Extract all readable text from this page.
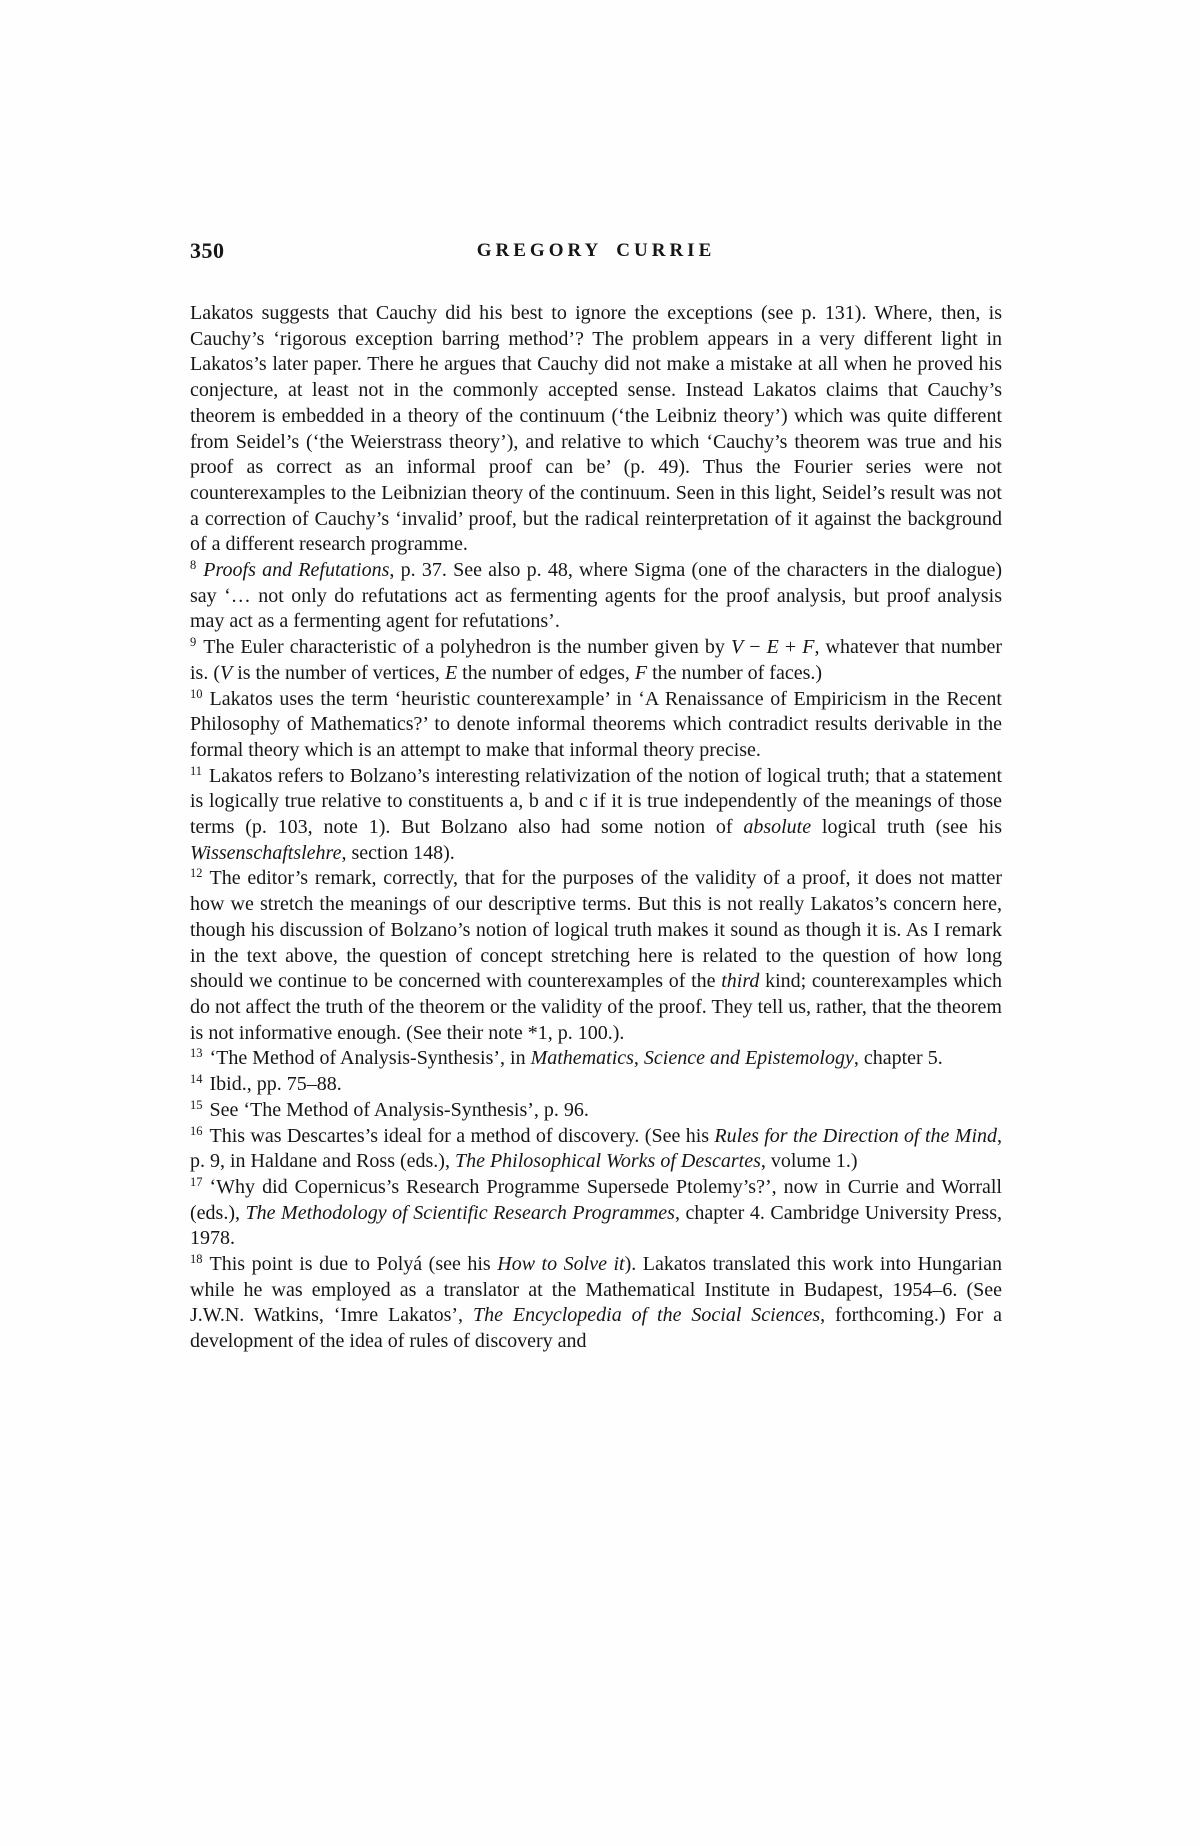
350	GREGORY CURRIE

Lakatos suggests that Cauchy did his best to ignore the exceptions (see p. 131). Where, then, is Cauchy’s ‘rigorous exception barring method’? The problem appears in a very different light in Lakatos’s later paper. There he argues that Cauchy did not make a mistake at all when he proved his conjecture, at least not in the commonly accepted sense. Instead Lakatos claims that Cauchy’s theorem is embedded in a theory of the continuum (‘the Leibniz theory’) which was quite different from Seidel’s (‘the Weierstrass theory’), and relative to which ‘Cauchy’s theorem was true and his proof as correct as an informal proof can be’ (p. 49). Thus the Fourier series were not counterexamples to the Leibnizian theory of the continuum. Seen in this light, Seidel’s result was not a correction of Cauchy’s ‘invalid’ proof, but the radical reinterpretation of it against the background of a different research programme.

$^8$ Proofs and Refutations, p. 37. See also p. 48, where Sigma (one of the characters in the dialogue) say ‘… not only do refutations act as fermenting agents for the proof analysis, but proof analysis may act as a fermenting agent for refutations’.

$^9$ The Euler characteristic of a polyhedron is the number given by V − E + F, whatever that number is. (V is the number of vertices, E the number of edges, F the number of faces.)

$^{10}$ Lakatos uses the term ‘heuristic counterexample’ in ‘A Renaissance of Empiricism in the Recent Philosophy of Mathematics?’ to denote informal theorems which contradict results derivable in the formal theory which is an attempt to make that informal theory precise.

$^{11}$ Lakatos refers to Bolzano’s interesting relativization of the notion of logical truth; that a statement is logically true relative to constituents a, b and c if it is true independently of the meanings of those terms (p. 103, note 1). But Bolzano also had some notion of absolute logical truth (see his Wissenschaftslehre, section 148).

$^{12}$ The editor’s remark, correctly, that for the purposes of the validity of a proof, it does not matter how we stretch the meanings of our descriptive terms. But this is not really Lakatos’s concern here, though his discussion of Bolzano’s notion of logical truth makes it sound as though it is. As I remark in the text above, the question of concept stretching here is related to the question of how long should we continue to be concerned with counterexamples of the third kind; counterexamples which do not affect the truth of the theorem or the validity of the proof. They tell us, rather, that the theorem is not informative enough. (See their note *1, p. 100.).

$^{13}$ ‘The Method of Analysis-Synthesis’, in Mathematics, Science and Epistemology, chapter 5.

$^{14}$ Ibid., pp. 75–88.

$^{15}$ See ‘The Method of Analysis-Synthesis’, p. 96.

$^{16}$ This was Descartes’s ideal for a method of discovery. (See his Rules for the Direction of the Mind, p. 9, in Haldane and Ross (eds.), The Philosophical Works of Descartes, volume 1.)

$^{17}$ ‘Why did Copernicus’s Research Programme Supersede Ptolemy’s?’, now in Currie and Worrall (eds.), The Methodology of Scientific Research Programmes, chapter 4. Cambridge University Press, 1978.

$^{18}$ This point is due to Polyá (see his How to Solve it). Lakatos translated this work into Hungarian while he was employed as a translator at the Mathematical Institute in Budapest, 1954–6. (See J.W.N. Watkins, ‘Imre Lakatos’, The Encyclopedia of the Social Sciences, forthcoming.) For a development of the idea of rules of discovery and
